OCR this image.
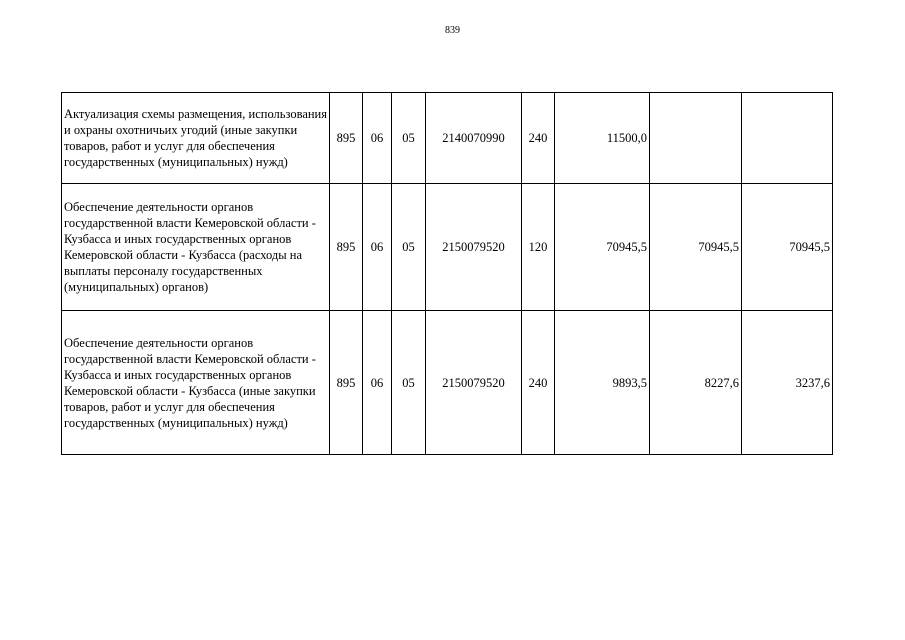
839
Актуализация схемы размещения, использования и охраны охотничьих угодий (иные закупки товаров, работ и услуг для обеспечения государственных (муниципальных) нужд)	895	06	05	2140070990	240	11500,0		
Обеспечение деятельности органов государственной власти Кемеровской области - Кузбасса и иных государственных органов Кемеровской области - Кузбасса (расходы на выплаты персоналу государственных (муниципальных) органов)	895	06	05	2150079520	120	70945,5	70945,5	70945,5
Обеспечение деятельности органов государственной власти Кемеровской области - Кузбасса и иных государственных органов Кемеровской области - Кузбасса (иные закупки товаров, работ и услуг для обеспечения государственных (муниципальных) нужд)	895	06	05	2150079520	240	9893,5	8227,6	3237,6
